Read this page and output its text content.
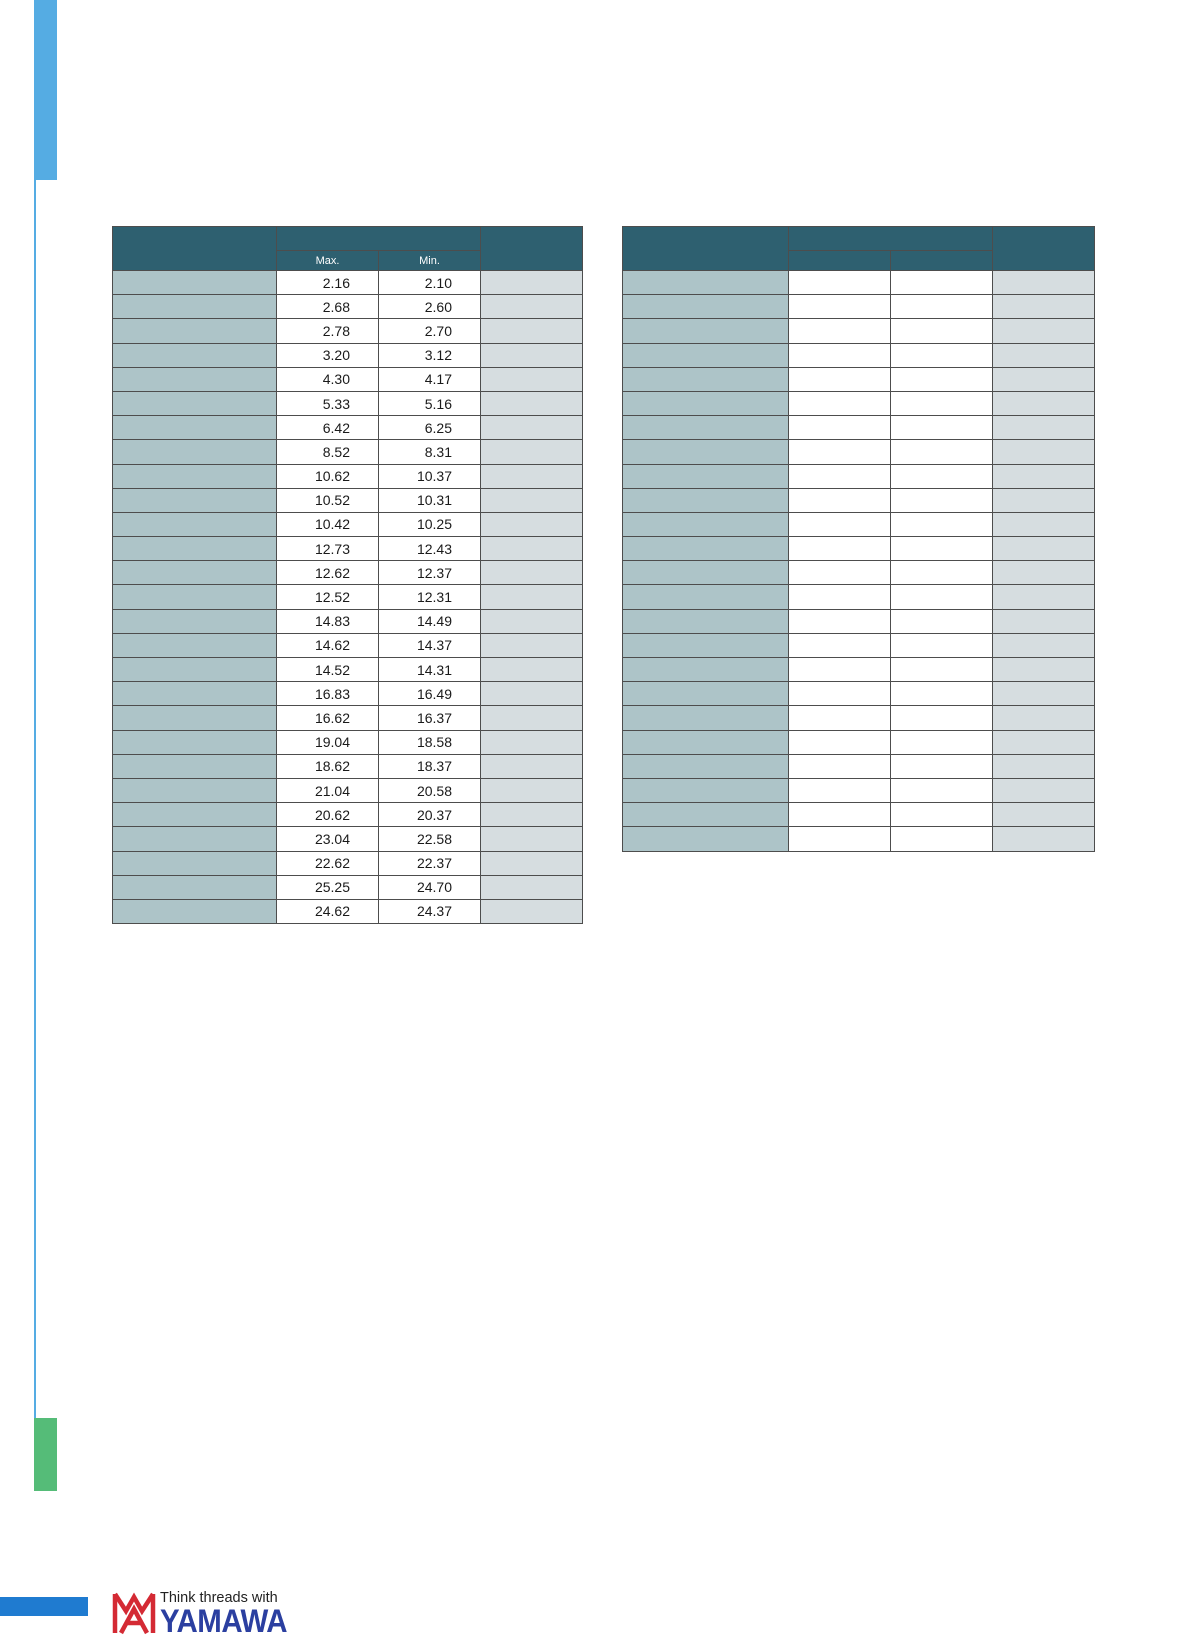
	Max.	Min.	
	2.16	2.10	
	2.68	2.60	
	2.78	2.70	
	3.20	3.12	
	4.30	4.17	
	5.33	5.16	
	6.42	6.25	
	8.52	8.31	
	10.62	10.37	
	10.52	10.31	
	10.42	10.25	
	12.73	12.43	
	12.62	12.37	
	12.52	12.31	
	14.83	14.49	
	14.62	14.37	
	14.52	14.31	
	16.83	16.49	
	16.62	16.37	
	19.04	18.58	
	18.62	18.37	
	21.04	20.58	
	20.62	20.37	
	23.04	22.58	
	22.62	22.37	
	25.25	24.70	
	24.62	24.37	

Think threads with
YAMAWA
